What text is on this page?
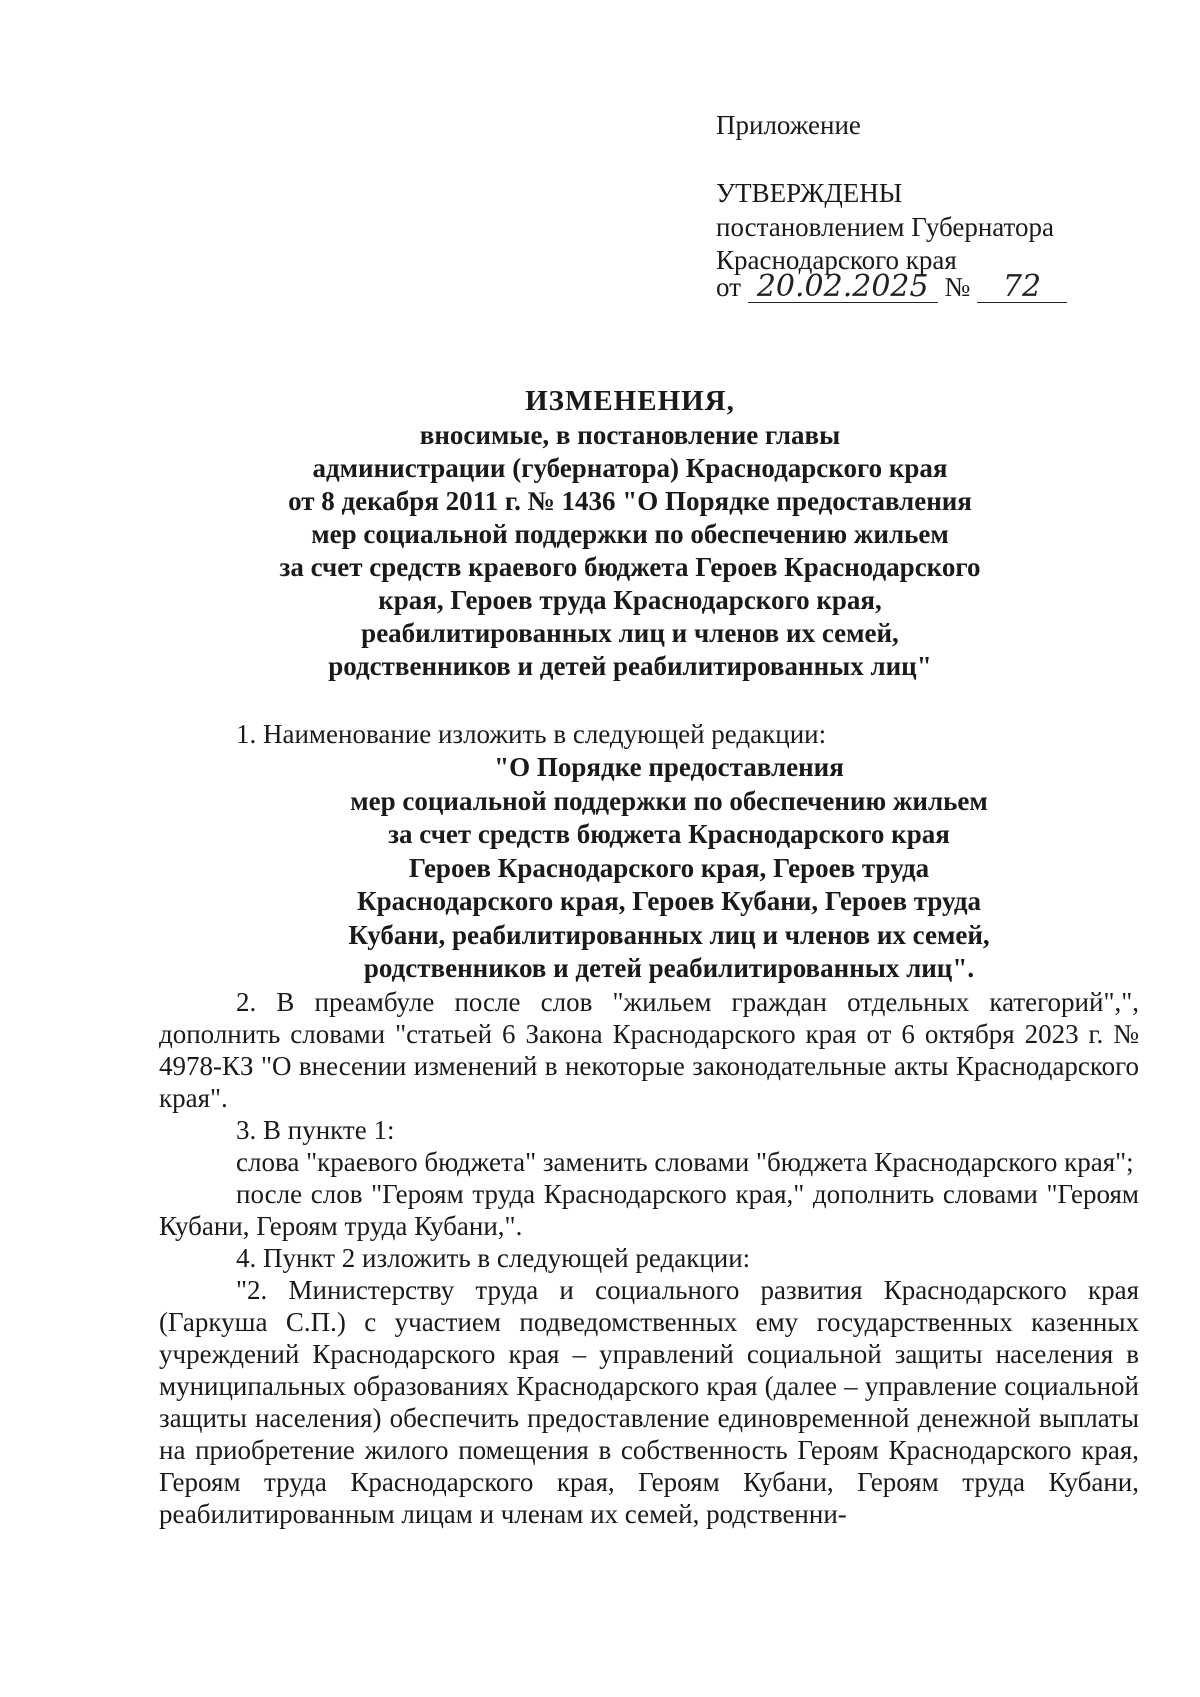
Приложение
УТВЕРЖДЕНЫ
постановлением Губернатора
Краснодарского края
от 20.02.2025 № 72
ИЗМЕНЕНИЯ,
вносимые, в постановление главы
администрации (губернатора) Краснодарского края
от 8 декабря 2011 г. № 1436 "О Порядке предоставления
мер социальной поддержки по обеспечению жильем
за счет средств краевого бюджета Героев Краснодарского
края, Героев труда Краснодарского края,
реабилитированных лиц и членов их семей,
родственников и детей реабилитированных лиц"

1. Наименование изложить в следующей редакции:

"О Порядке предоставления

мер социальной поддержки по обеспечению жильем

за счет средств бюджета Краснодарского края

Героев Краснодарского края, Героев труда

Краснодарского края, Героев Кубани, Героев труда

Кубани, реабилитированных лиц и членов их семей,

родственников и детей реабилитированных лиц".

2. В преамбуле после слов "жильем граждан отдельных категорий",", дополнить словами "статьей 6 Закона Краснодарского края от 6 октября 2023 г. № 4978-КЗ "О внесении изменений в некоторые законодательные акты Краснодарского края".

3. В пункте 1:

слова "краевого бюджета" заменить словами "бюджета Краснодарского края";

после слов "Героям труда Краснодарского края," дополнить словами "Героям Кубани, Героям труда Кубани,".

4. Пункт 2 изложить в следующей редакции:

"2. Министерству труда и социального развития Краснодарского края (Гаркуша С.П.) с участием подведомственных ему государственных казенных учреждений Краснодарского края – управлений социальной защиты населения в муниципальных образованиях Краснодарского края (далее – управление социальной защиты населения) обеспечить предоставление единовременной денежной выплаты на приобретение жилого помещения в собственность Героям Краснодарского края, Героям труда Краснодарского края, Героям Кубани, Героям труда Кубани, реабилитированным лицам и членам их семей, родственни-
